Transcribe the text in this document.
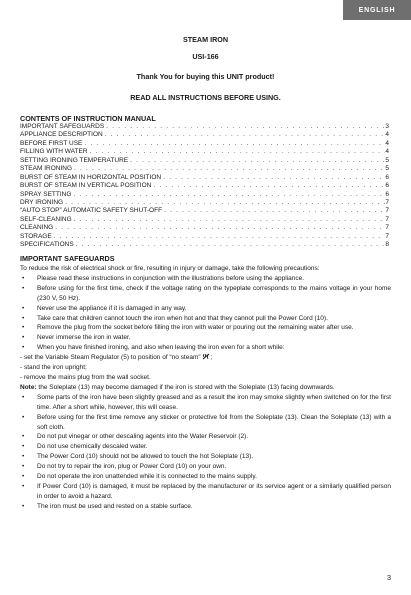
ENGLISH
STEAM IRON
USI-166
Thank You for buying this UNIT product!
READ ALL INSTRUCTIONS BEFORE USING.
CONTENTS OF INSTRUCTION MANUAL
IMPORTANT SAFEGUARDS . . .	3
APPLIANCE DESCRIPTION . . .	4
BEFORE FIRST USE . . .	4
FILLING WITH WATER . . .	4
SETTING IRONING TEMPERATURE . . .	5
STEAM IRONING . . .	5
BURST OF STEAM IN HORIZONTAL POSITION . . .	6
BURST OF STEAM IN VERTICAL POSITION . . .	6
SPRAY SETTING . . .	6
DRY IRONING . . .	7
“AUTO STOP” AUTOMATIC SAFETY SHUT-OFF . . .	7
SELF-CLEANING . . .	7
CLEANING . . .	7
STORAGE . . .	7
SPECIFICATIONS . . .	8
IMPORTANT SAFEGUARDS

To reduce the risk of electrical shock or fire, resulting in injury or damage, take the following precautions:

• Please read these instructions in conjunction with the illustrations before using the appliance.

• Before using for the first time, check if the voltage rating on the typeplate corresponds to the mains voltage in your home (230 V, 50 Hz).

• Never use the appliance if it is damaged in any way.

• Take care that children cannot touch the iron when hot and that they cannot pull the Power Cord (10).

• Remove the plug from the socket before filling the iron with water or pouring out the remaining water after use.

• Never immerse the iron in water.

• When you have finished ironing, and also when leaving the iron even for a short while:

- set the Variable Steam Regulator (5) to position of “no steam” ;

- stand the iron upright;

- remove the mains plug from the wall socket.

Note: the Soleplate (13) may become damaged if the iron is stored with the Soleplate (13) facing downwards.

• Some parts of the iron have been slightly greased and as a result the iron may smoke slightly when switched on for the first time. After a short while, however, this will cease.

• Before using for the first time remove any sticker or protective foil from the Soleplate (13). Clean the Soleplate (13) with a soft cloth.

• Do not put vinegar or other descaling agents into the Water Reservoir (2).

• Do not use chemically descaled water.

• The Power Cord (10) should not be allowed to touch the hot Soleplate (13).

• Do not try to repair the iron, plug or Power Cord (10) on your own.

• Do not operate the iron unattended while it is connected to the mains supply.

• If Power Cord (10) is damaged, it must be replaced by the manufacturer or its service agent or a similarly qualified person in order to avoid a hazard.

• The iron must be used and rested on a stable surface.

3
